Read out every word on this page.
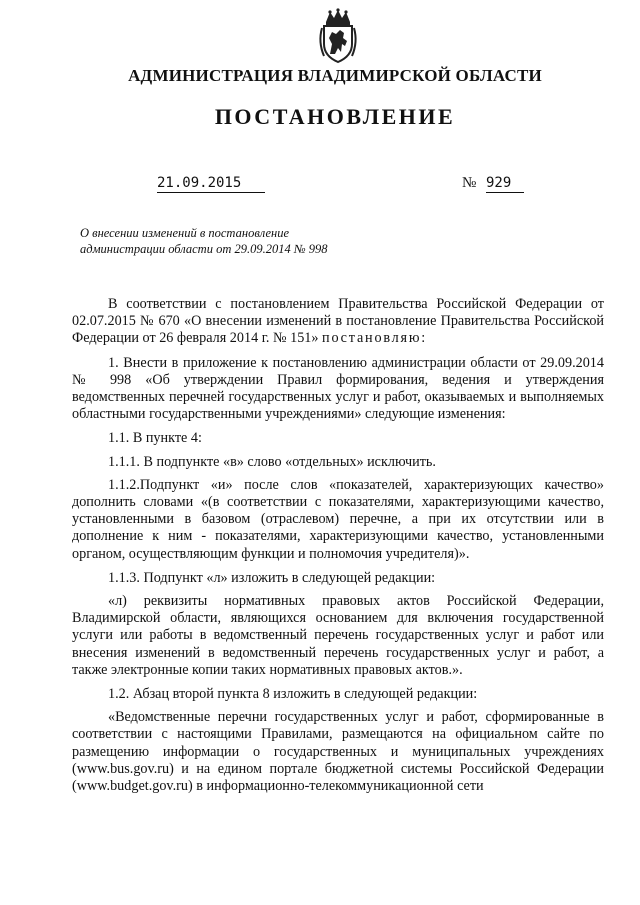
АДМИНИСТРАЦИЯ ВЛАДИМИРСКОЙ ОБЛАСТИ
ПОСТАНОВЛЕНИЕ
21.09.2015	№ 929
О внесении изменений в постановление
администрации области от 29.09.2014 № 998

В соответствии с постановлением Правительства Российской Федерации от 02.07.2015 № 670 «О внесении изменений в постановление Правительства Российской Федерации от 26 февраля 2014 г. № 151» постановляю:

1. Внести в приложение к постановлению администрации области от 29.09.2014 № 998 «Об утверждении Правил формирования, ведения и утверждения ведомственных перечней государственных услуг и работ, оказываемых и выполняемых областными государственными учреждениями» следующие изменения:

1.1. В пункте 4:

1.1.1. В подпункте «в» слово «отдельных» исключить.

1.1.2.Подпункт «и» после слов «показателей, характеризующих качество» дополнить словами «(в соответствии с показателями, характеризующими качество, установленными в базовом (отраслевом) перечне, а при их отсутствии или в дополнение к ним - показателями, характеризующими качество, установленными органом, осуществляющим функции и полномочия учредителя)».

1.1.3. Подпункт «л» изложить в следующей редакции:

«л) реквизиты нормативных правовых актов Российской Федерации, Владимирской области, являющихся основанием для включения государственной услуги или работы в ведомственный перечень государственных услуг и работ или внесения изменений в ведомственный перечень государственных услуг и работ, а также электронные копии таких нормативных правовых актов.».

1.2. Абзац второй пункта 8 изложить в следующей редакции:

«Ведомственные перечни государственных услуг и работ, сформированные в соответствии с настоящими Правилами, размещаются на официальном сайте по размещению информации о государственных и муниципальных учреждениях (www.bus.gov.ru) и на едином портале бюджетной системы Российской Федерации (www.budget.gov.ru) в информационно-телекоммуникационной сети
